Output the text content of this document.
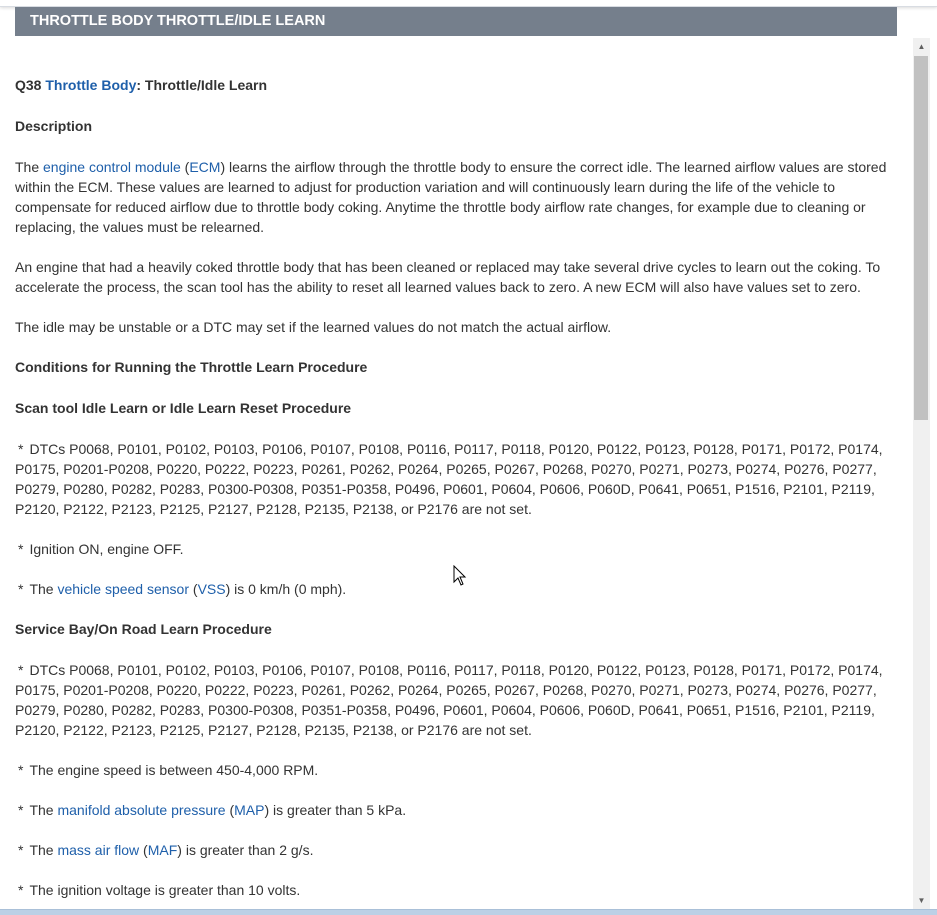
THROTTLE BODY THROTTLE/IDLE LEARN

Q38 Throttle Body: Throttle/Idle Learn

Description

The engine control module (ECM) learns the airflow through the throttle body to ensure the correct idle. The learned airflow values are stored within the ECM. These values are learned to adjust for production variation and will continuously learn during the life of the vehicle to compensate for reduced airflow due to throttle body coking. Anytime the throttle body airflow rate changes, for example due to cleaning or replacing, the values must be relearned.

An engine that had a heavily coked throttle body that has been cleaned or replaced may take several drive cycles to learn out the coking. To accelerate the process, the scan tool has the ability to reset all learned values back to zero. A new ECM will also have values set to zero.

The idle may be unstable or a DTC may set if the learned values do not match the actual airflow.

Conditions for Running the Throttle Learn Procedure

Scan tool Idle Learn or Idle Learn Reset Procedure

* DTCs P0068, P0101, P0102, P0103, P0106, P0107, P0108, P0116, P0117, P0118, P0120, P0122, P0123, P0128, P0171, P0172, P0174, P0175, P0201-P0208, P0220, P0222, P0223, P0261, P0262, P0264, P0265, P0267, P0268, P0270, P0271, P0273, P0274, P0276, P0277, P0279, P0280, P0282, P0283, P0300-P0308, P0351-P0358, P0496, P0601, P0604, P0606, P060D, P0641, P0651, P1516, P2101, P2119, P2120, P2122, P2123, P2125, P2127, P2128, P2135, P2138, or P2176 are not set.

* Ignition ON, engine OFF.

* The vehicle speed sensor (VSS) is 0 km/h (0 mph).

Service Bay/On Road Learn Procedure

* DTCs P0068, P0101, P0102, P0103, P0106, P0107, P0108, P0116, P0117, P0118, P0120, P0122, P0123, P0128, P0171, P0172, P0174, P0175, P0201-P0208, P0220, P0222, P0223, P0261, P0262, P0264, P0265, P0267, P0268, P0270, P0271, P0273, P0274, P0276, P0277, P0279, P0280, P0282, P0283, P0300-P0308, P0351-P0358, P0496, P0601, P0604, P0606, P060D, P0641, P0651, P1516, P2101, P2119, P2120, P2122, P2123, P2125, P2127, P2128, P2135, P2138, or P2176 are not set.

* The engine speed is between 450-4,000 RPM.

* The manifold absolute pressure (MAP) is greater than 5 kPa.

* The mass air flow (MAF) is greater than 2 g/s.

* The ignition voltage is greater than 10 volts.

▲
▼
